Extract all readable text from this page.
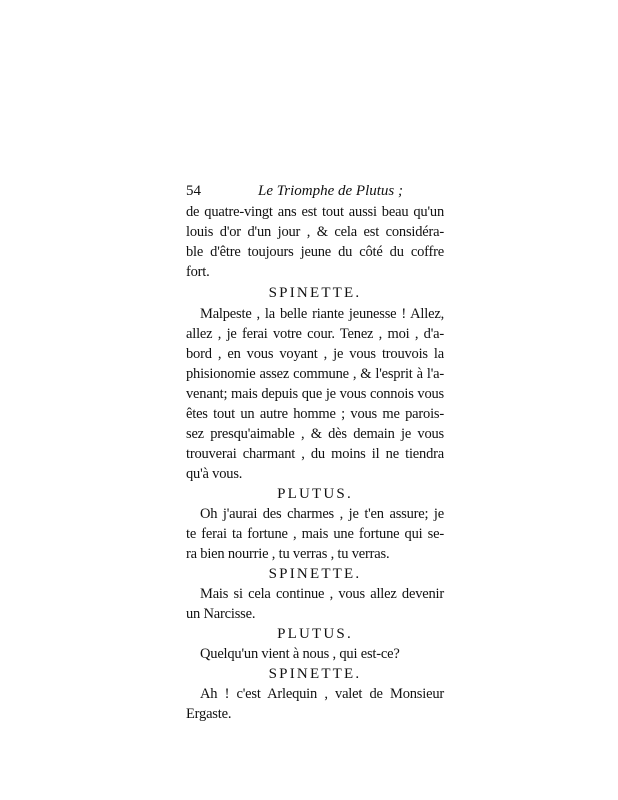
54	Le Triomphe de Plutus ;
de quatre-vingt ans est tout aussi beau qu'un
louis d'or d'un jour , & cela est considéra-
ble d'être toujours jeune du côté du coffre
fort.
SPINETTE.
Malpeste , la belle riante jeunesse ! Allez,
allez , je ferai votre cour. Tenez , moi , d'a-
bord , en vous voyant , je vous trouvois la
phisionomie assez commune , & l'esprit à l'a-
venant; mais depuis que je vous connois vous
êtes tout un autre homme ; vous me parois-
sez presqu'aimable , & dès demain je vous
trouverai charmant , du moins il ne tiendra
qu'à vous.
PLUTUS.
Oh j'aurai des charmes , je t'en assure; je
te ferai ta fortune , mais une fortune qui se-
ra bien nourrie , tu verras , tu verras.
SPINETTE.
Mais si cela continue , vous allez devenir
un Narcisse.
PLUTUS.
Quelqu'un vient à nous , qui est-ce?
SPINETTE.
Ah ! c'est Arlequin , valet de Monsieur
Ergaste.
